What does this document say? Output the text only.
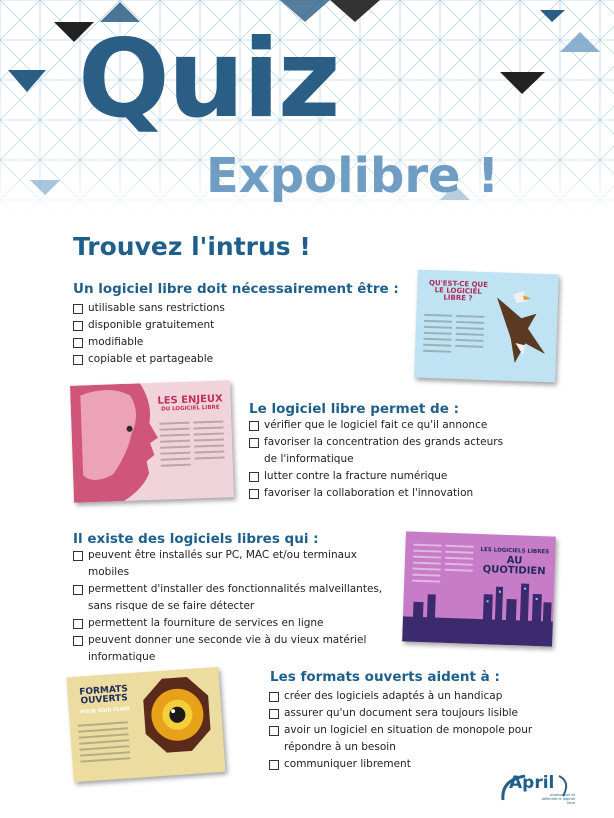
Quiz
Expolibre !
Trouvez l'intrus !

Un logiciel libre doit nécessairement être :

utilisable sans restrictions
disponible gratuitement
modifiable
copiable et partageable
QU'EST-CE QUE LE LOGICIEL LIBRE ?
LES ENJEUX
DU LOGICIEL LIBRE	Le logiciel libre permet de :

vérifier que le logiciel fait ce qu'il annonce
favoriser la concentration des grands acteurs de l'informatique
lutter contre la fracture numérique
favoriser la collaboration et l'innovation

Il existe des logiciels libres qui :

peuvent être installés sur PC, MAC et/ou terminaux mobiles
permettent d'installer des fonctionnalités malveillantes, sans risque de se faire détecter
permettent la fourniture de services en ligne
peuvent donner une seconde vie à du vieux matériel informatique
LES LOGICIELS LIBRES
AU QUOTIDIEN
FORMATS OUVERTS
POUR VOIR CLAIR

Les formats ouverts aident à :

créer des logiciels adaptés à un handicap
assurer qu'un document sera toujours lisible
avoir un logiciel en situation de monopole pour répondre à un besoin
communiquer librement
April
promouvoir et défendre le logiciel libre
